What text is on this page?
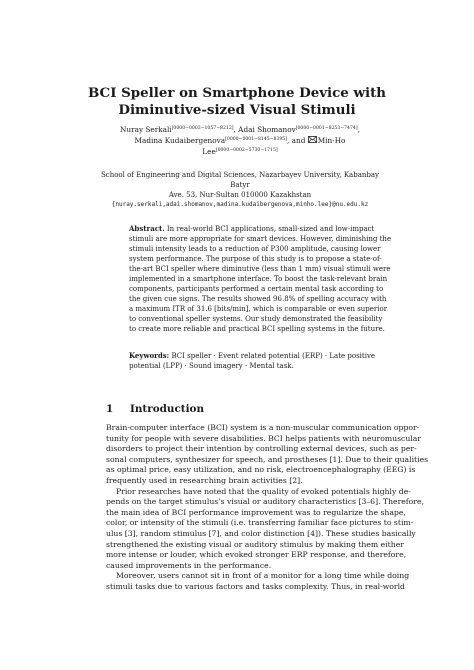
BCI Speller on Smartphone Device with
Diminutive-sized Visual Stimuli
Nuray Serkali[0000−0003−1057−8212], Adai Shomanov[0000−0001−8253−7474],
Madina Kudaibergenova[0000−0001−8145−8395], and Min-Ho
Lee[0000−0002−5730−1715]
School of Engineering and Digital Sciences, Nazarbayev University, Kabanbay Batyr
Ave. 53, Nur-Sultan 010000 Kazakhstan
{nuray.serkali,adai.shomanov,madina.kudaibergenova,minho.lee}@nu.edu.kz
Abstract. In real-world BCI applications, small-sized and low-impact
stimuli are more appropriate for smart devices. However, diminishing the
stimuli intensity leads to a reduction of P300 amplitude, causing lower
system performance. The purpose of this study is to propose a state-of-
the-art BCI speller where diminutive (less than 1 mm) visual stimuli were
implemented in a smartphone interface. To boost the task-relevant brain
components, participants performed a certain mental task according to
the given cue signs. The results showed 96.8% of spelling accuracy with
a maximum ITR of 31.6 [bits/min], which is comparable or even superior
to conventional speller systems. Our study demonstrated the feasibility
to create more reliable and practical BCI spelling systems in the future.
Keywords: BCI speller · Event related potential (ERP) · Late positive
potential (LPP) · Sound imagery · Mental task.
1 Introduction
Brain-computer interface (BCI) system is a non-muscular communication oppor-
tunity for people with severe disabilities. BCI helps patients with neuromuscular
disorders to project their intention by controlling external devices, such as per-
sonal computers, synthesizer for speech, and prostheses [1]. Due to their qualities
as optimal price, easy utilization, and no risk, electroencephalography (EEG) is
frequently used in researching brain activities [2].
Prior researches have noted that the quality of evoked potentials highly de-
pends on the target stimulus’s visual or auditory characteristics [3–6]. Therefore,
the main idea of BCI performance improvement was to regularize the shape,
color, or intensity of the stimuli (i.e. transferring familiar face pictures to stim-
ulus [3], random stimulus [7], and color distinction [4]). These studies basically
strengthened the existing visual or auditory stimulus by making them either
more intense or louder, which evoked stronger ERP response, and therefore,
caused improvements in the performance.
Moreover, users cannot sit in front of a monitor for a long time while doing
stimuli tasks due to various factors and tasks complexity. Thus, in real-world
